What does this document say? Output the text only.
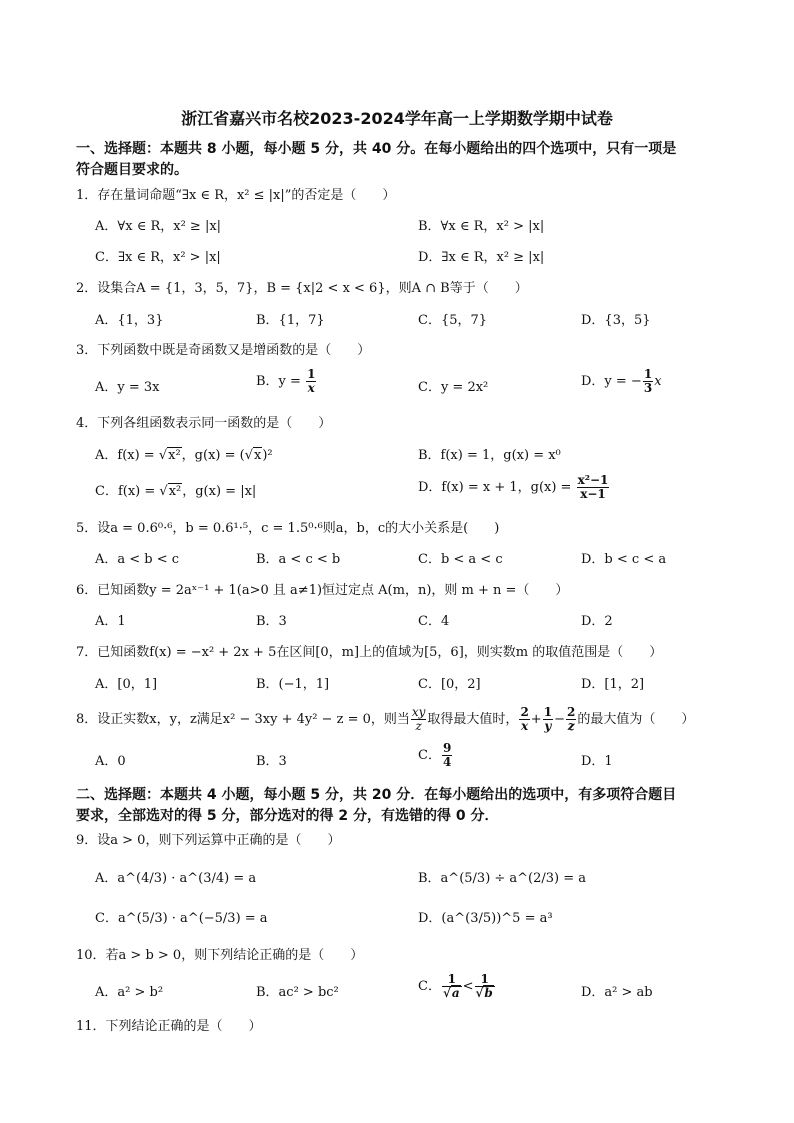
浙江省嘉兴市名校2023-2024学年高一上学期数学期中试卷
一、选择题：本题共 8 小题，每小题 5 分，共 40 分。在每小题给出的四个选项中，只有一项是
符合题目要求的。
1．存在量词命题“∃x ∈ R，x² ≤ |x|”的否定是（　　）
A．∀x ∈ R，x² ≥ |x|	B．∀x ∈ R，x² > |x|
C．∃x ∈ R，x² > |x|	D．∃x ∈ R，x² ≥ |x|
2．设集合A = {1，3，5，7}，B = {x|2 < x < 6}，则A ∩ B等于（　　）
A．{1，3}	B．{1，7}	C．{5，7}	D．{3，5}
3．下列函数中既是奇函数又是增函数的是（　　）
A．y = 3x	B．$y = \frac{1}{x}$	C．y = 2x²	D．y = − $\frac{1}{3}$ x
4．下列各组函数表示同一函数的是（　　）
A．f(x) = √x²，g(x) = (√x)²	B．f(x) = 1，g(x) = x⁰
C．f(x) = √x²，g(x) = |x|	D．f(x) = x + 1，$g(x) = \frac{\text{x²−1}}{x-1}$
5．设a = 0.6⁰·⁶，b = 0.6¹·⁵，c = 1.5⁰·⁶则a，b，c的大小关系是(　　)
A．a < b < c	B．a < c < b	C．b < a < c	D．b < c < a
6．已知函数y = 2aˣ⁻¹ + 1(a>0 且 a≠1)恒过定点 A(m，n)，则 m + n =（　　）
A．1	B．3	C．4	D．2
7．已知函数f(x) = −x² + 2x + 5在区间[0，m]上的值域为[5，6]，则实数m 的取值范围是（　　）
A．[0，1]	B．(−1，1]	C．[0，2]	D．[1，2]
8．设正实数x，y，z满足x² − 3xy + 4y² − z = 0，则当 $\frac{xy}{z}$ 取得最大值时， $\frac{2}{x} + \frac{1}{y} - \frac{2}{z}$ 的最大值为（　　）
A．0	B．3	C． $\frac{9}{4}$	D．1
二、选择题：本题共 4 小题，每小题 5 分，共 20 分．在每小题给出的选项中，有多项符合题目
要求，全部选对的得 5 分，部分选对的得 2 分，有选错的得 0 分．
9．设a > 0，则下列运算中正确的是（　　）
A．a^(4/3) · a^(3/4) = a	B．a^(5/3) ÷ a^(2/3) = a
C．a^(5/3) · a^(−5/3) = a	D．(a^(3/5))^5 = a³
10．若a > b > 0，则下列结论正确的是（　　）
A．a² > b²	B．ac² > bc²	C． $\frac{1}{√a} < \frac{1}{√b}$	D．a² > ab
11．下列结论正确的是（　　）
